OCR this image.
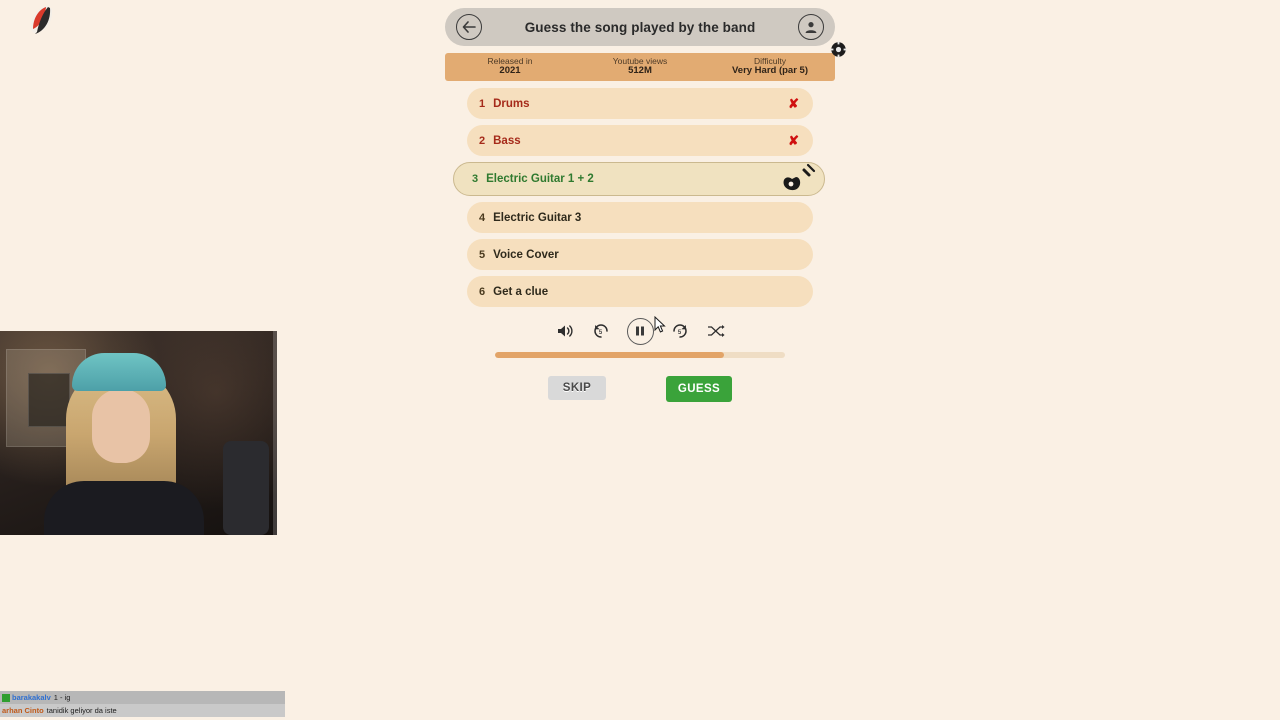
Guess the song played by the band
Released in
2021
Youtube views
512M
Difficulty
Very Hard (par 5)
1 Drums	✘
2 Bass	✘
3 Electric Guitar 1 + 2
4 Electric Guitar 3
5 Voice Cover
6 Get a clue
5	5
SKIP	GUESS
barakakalv 1 - ig
arhan Cinto tanidik geliyor da iste
